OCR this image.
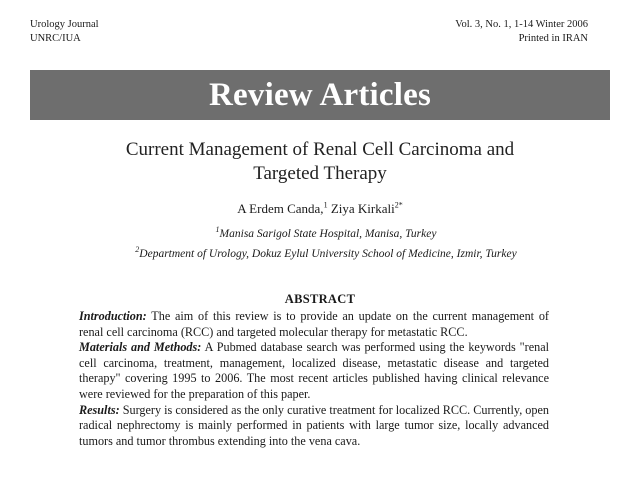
Urology Journal
UNRC/IUA
Vol. 3, No. 1, 1-14 Winter 2006
Printed in IRAN
Review Articles
Current Management of Renal Cell Carcinoma and
Targeted Therapy
A Erdem Canda,$^1$ Ziya Kirkali$^{2*}$
$^1$Manisa Sarigol State Hospital, Manisa, Turkey
$^2$Department of Urology, Dokuz Eylul University School of Medicine, Izmir, Turkey
ABSTRACT

Introduction: The aim of this review is to provide an update on the current management of renal cell carcinoma (RCC) and targeted molecular therapy for metastatic RCC.

Materials and Methods: A Pubmed database search was performed using the keywords "renal cell carcinoma, treatment, management, localized disease, metastatic disease and targeted therapy" covering 1995 to 2006. The most recent articles published having clinical relevance were reviewed for the preparation of this paper.

Results: Surgery is considered as the only curative treatment for localized RCC. Currently, open radical nephrectomy is mainly performed in patients with large tumor size, locally advanced tumors and tumor thrombus extending into the vena cava.
